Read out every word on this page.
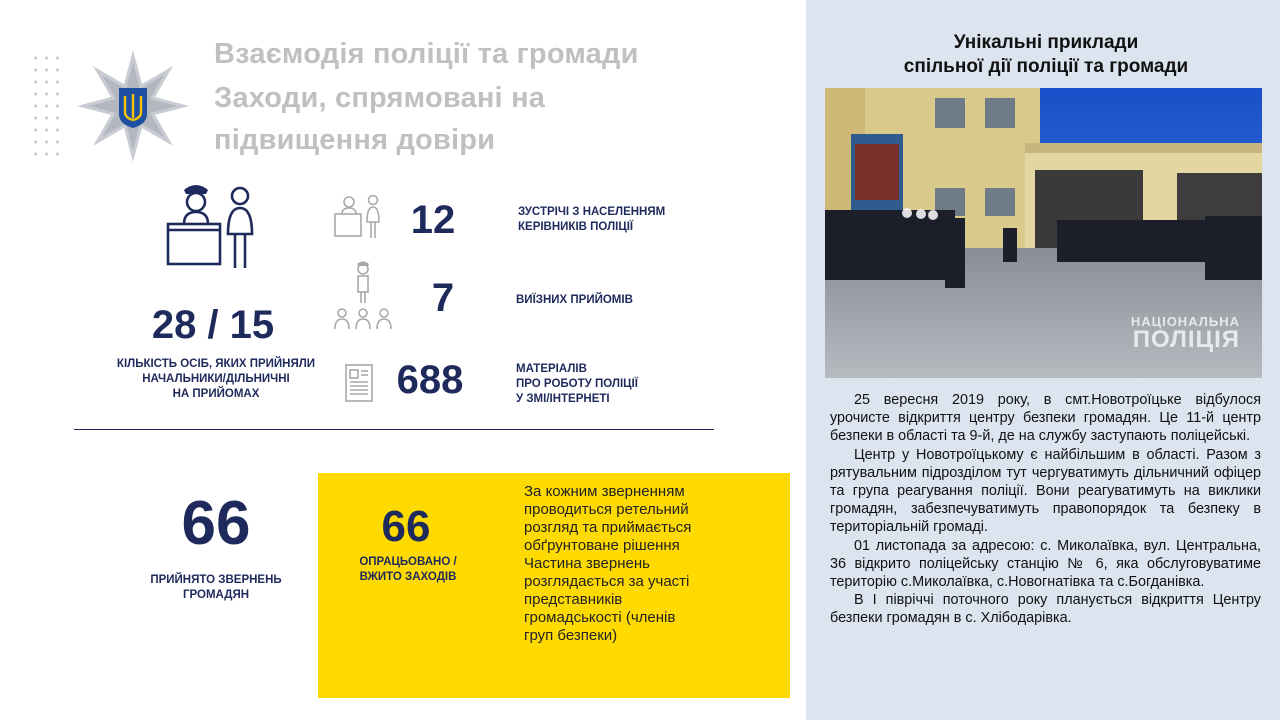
Взаємодія поліції та громади
Заходи, спрямовані на
підвищення довіри
28 / 15
КІЛЬКІСТЬ ОСІБ, ЯКИХ ПРИЙНЯЛИ
НАЧАЛЬНИКИ/ДІЛЬНИЧНІ
НА ПРИЙОМАХ
12
7
688
ЗУСТРІЧІ З НАСЕЛЕННЯМ
КЕРІВНИКІВ ПОЛІЦІЇ
ВИЇЗНИХ ПРИЙОМІВ
МАТЕРІАЛІВ
ПРО РОБОТУ ПОЛІЦІЇ
У ЗМІ/ІНТЕРНЕТІ
66
ПРИЙНЯТО ЗВЕРНЕНЬ
ГРОМАДЯН
66
ОПРАЦЬОВАНО /
ВЖИТО ЗАХОДІВ
За кожним зверненням
проводиться ретельний
розгляд та приймається
обґрунтоване рішення
Частина звернень
розглядається за участі
представників
громадськості (членів
груп безпеки)
Унікальні приклади
спільної дії поліції та громади
НАЦІОНАЛЬНА
ПОЛІЦІЯ

25 вересня 2019 року, в смт.Новотроїцьке відбулося урочисте відкриття центру безпеки громадян. Це 11-й центр безпеки в області та 9-й, де на службу заступають поліцейські.

Центр у Новотроїцькому є найбільшим в області. Разом з рятувальним підрозділом тут чергуватимуть дільничний офіцер та група реагування поліції. Вони реагуватимуть на виклики громадян, забезпечуватимуть правопорядок та безпеку в територіальній громаді.

01 листопада за адресою: с. Миколаївка, вул. Центральна, 36 відкрито поліцейську станцію № 6, яка обслуговуватиме територію с.Миколаївка, с.Новогнатівка та с.Богданівка.

В І півріччі поточного року планується відкриття Центру безпеки громадян в с. Хлібодарівка.
